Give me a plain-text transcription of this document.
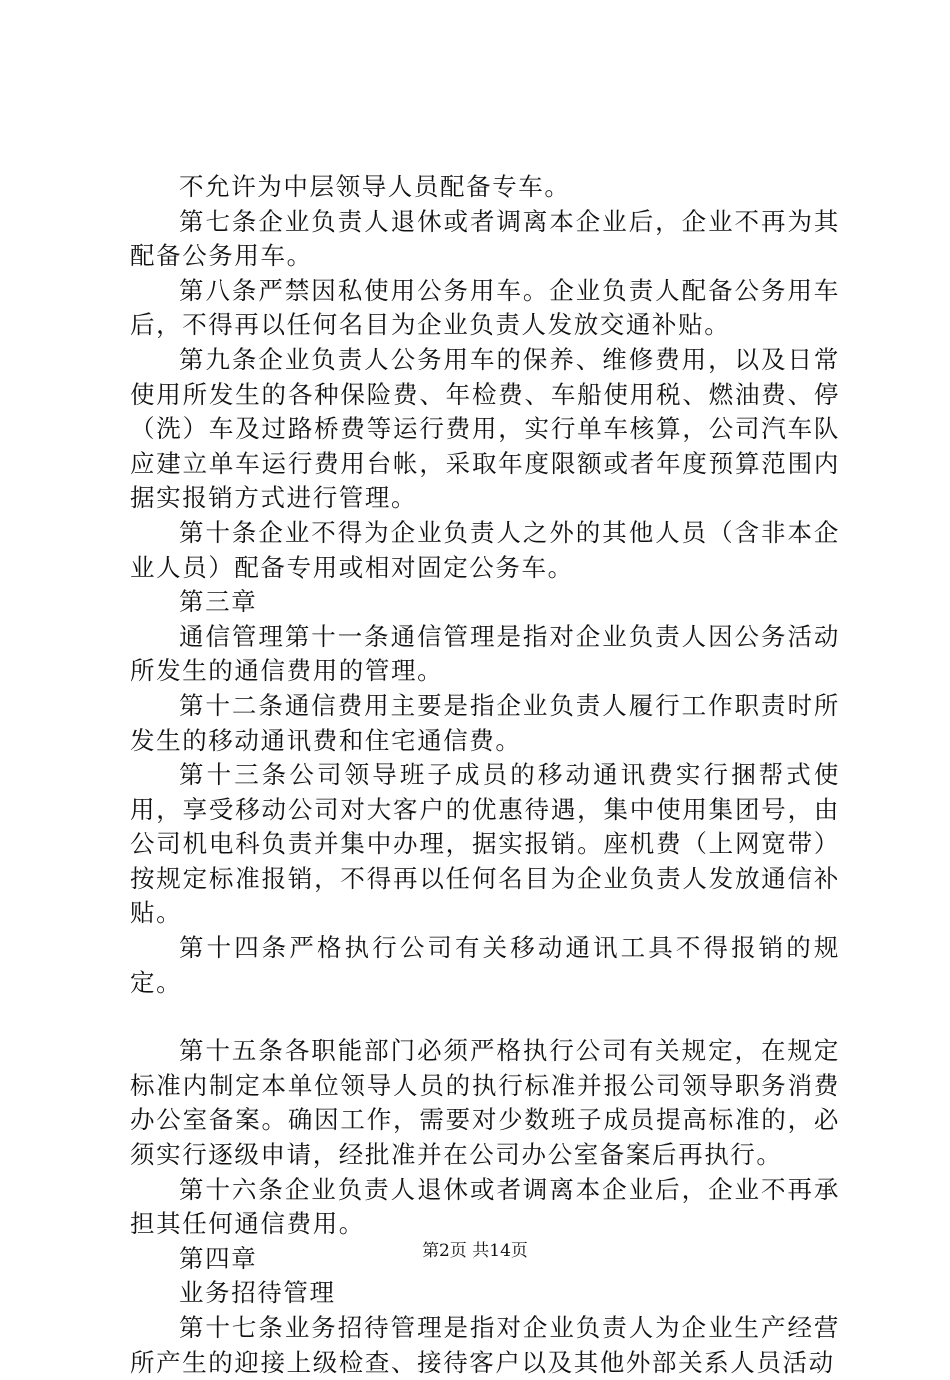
不允许为中层领导人员配备专车。

第七条企业负责人退休或者调离本企业后，企业不再为其配备公务用车。

第八条严禁因私使用公务用车。企业负责人配备公务用车后，不得再以任何名目为企业负责人发放交通补贴。

第九条企业负责人公务用车的保养、维修费用，以及日常使用所发生的各种保险费、年检费、车船使用税、燃油费、停（洗）车及过路桥费等运行费用，实行单车核算，公司汽车队应建立单车运行费用台帐，采取年度限额或者年度预算范围内据实报销方式进行管理。

第十条企业不得为企业负责人之外的其他人员（含非本企业人员）配备专用或相对固定公务车。

第三章

通信管理第十一条通信管理是指对企业负责人因公务活动所发生的通信费用的管理。

第十二条通信费用主要是指企业负责人履行工作职责时所发生的移动通讯费和住宅通信费。

第十三条公司领导班子成员的移动通讯费实行捆帮式使用，享受移动公司对大客户的优惠待遇，集中使用集团号，由公司机电科负责并集中办理，据实报销。座机费（上网宽带）按规定标准报销，不得再以任何名目为企业负责人发放通信补贴。

第十四条严格执行公司有关移动通讯工具不得报销的规定。

第十五条各职能部门必须严格执行公司有关规定，在规定标准内制定本单位领导人员的执行标准并报公司领导职务消费办公室备案。确因工作，需要对少数班子成员提高标准的，必须实行逐级申请，经批准并在公司办公室备案后再执行。

第十六条企业负责人退休或者调离本企业后，企业不再承担其任何通信费用。

第四章

业务招待管理

第十七条业务招待管理是指对企业负责人为企业生产经营所产生的迎接上级检查、接待客户以及其他外部关系人员活动

第2页 共14页
